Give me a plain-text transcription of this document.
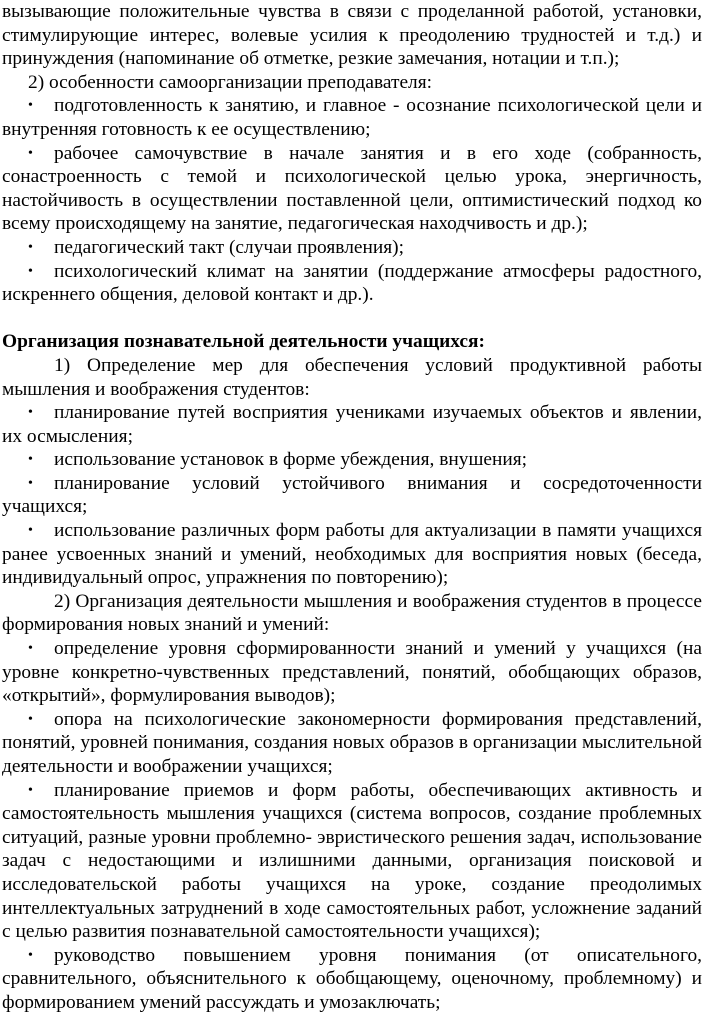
вызывающие положительные чувства в связи с проделанной работой, установки, стимулирующие интерес, волевые усилия к преодолению трудностей и т.д.) и принуждения (напоминание об отметке, резкие замечания, нотации и т.п.);

2) особенности самоорганизации преподавателя:

• подготовленность к занятию, и главное - осознание психологической цели и внутренняя готовность к ее осуществлению;

• рабочее самочувствие в начале занятия и в его ходе (собранность, сонастроенность с темой и психологической целью урока, энергичность, настойчивость в осуществлении поставленной цели, оптимистический подход ко всему происходящему на занятие, педагогическая находчивость и др.);

• педагогический такт (случаи проявления);

• психологический климат на занятии (поддержание атмосферы радостного, искреннего общения, деловой контакт и др.).

Организация познавательной деятельности учащихся:

1) Определение мер для обеспечения условий продуктивной работы мышления и воображения студентов:

• планирование путей восприятия учениками изучаемых объектов и явлении, их осмысления;

• использование установок в форме убеждения, внушения;

• планирование условий устойчивого внимания и сосредоточенности учащихся;

• использование различных форм работы для актуализации в памяти учащихся ранее усвоенных знаний и умений, необходимых для восприятия новых (беседа, индивидуальный опрос, упражнения по повторению);

2) Организация деятельности мышления и воображения студентов в процессе формирования новых знаний и умений:

• определение уровня сформированности знаний и умений у учащихся (на уровне конкретно-чувственных представлений, понятий, обобщающих образов, «открытий», формулирования выводов);

• опора на психологические закономерности формирования представлений, понятий, уровней понимания, создания новых образов в организации мыслительной деятельности и воображении учащихся;

• планирование приемов и форм работы, обеспечивающих активность и самостоятельность мышления учащихся (система вопросов, создание проблемных ситуаций, разные уровни проблемно- эвристического решения задач, использование задач с недостающими и излишними данными, организация поисковой и исследовательской работы учащихся на уроке, создание преодолимых интеллектуальных затруднений в ходе самостоятельных работ, усложнение заданий с целью развития познавательной самостоятельности учащихся);

• руководство повышением уровня понимания (от описательного, сравнительного, объяснительного к обобщающему, оценочному, проблемному) и формированием умений рассуждать и умозаключать;
